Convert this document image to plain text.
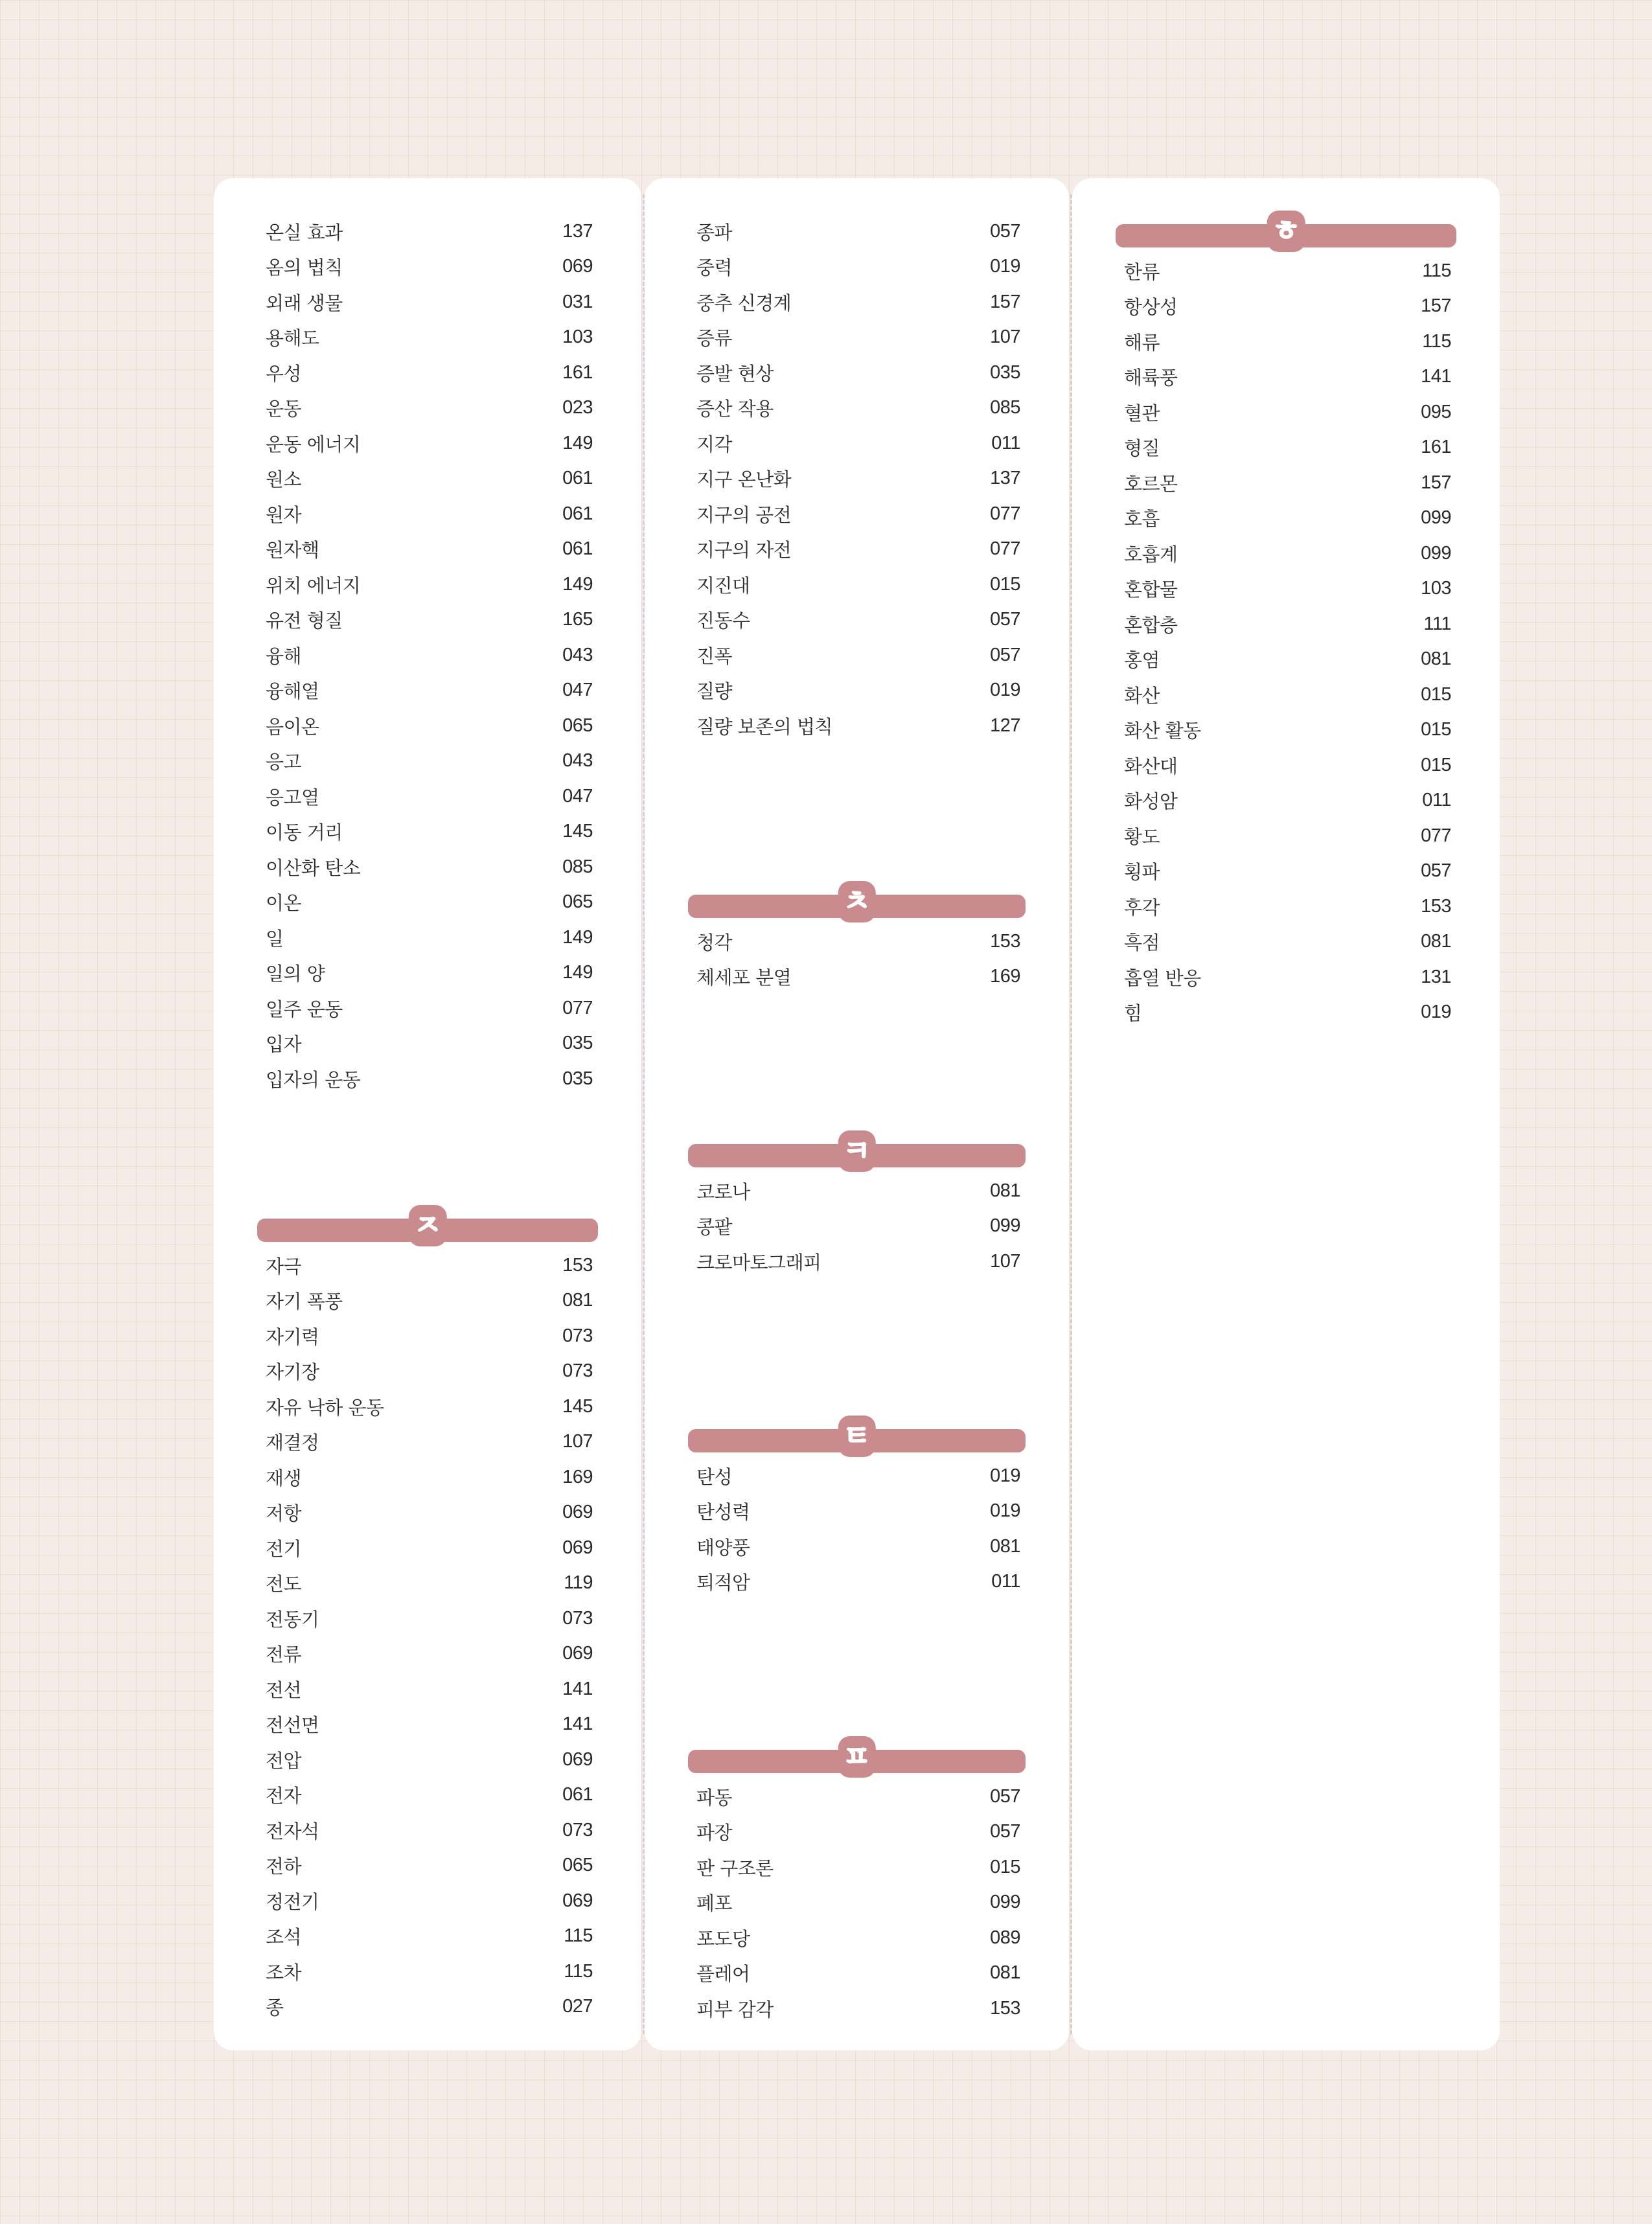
온실 효과	137
옴의 법칙	069
외래 생물	031
용해도	103
우성	161
운동	023
운동 에너지	149
원소	061
원자	061
원자핵	061
위치 에너지	149
유전 형질	165
융해	043
융해열	047
음이온	065
응고	043
응고열	047
이동 거리	145
이산화 탄소	085
이온	065
일	149
일의 양	149
일주 운동	077
입자	035
입자의 운동	035
ㅈ
자극	153
자기 폭풍	081
자기력	073
자기장	073
자유 낙하 운동	145
재결정	107
재생	169
저항	069
전기	069
전도	119
전동기	073
전류	069
전선	141
전선면	141
전압	069
전자	061
전자석	073
전하	065
정전기	069
조석	115
조차	115
종	027
종파	057
중력	019
중추 신경계	157
증류	107
증발 현상	035
증산 작용	085
지각	011
지구 온난화	137
지구의 공전	077
지구의 자전	077
지진대	015
진동수	057
진폭	057
질량	019
질량 보존의 법칙	127
ㅊ
청각	153
체세포 분열	169
ㅋ
코로나	081
콩팥	099
크로마토그래피	107
ㅌ
탄성	019
탄성력	019
태양풍	081
퇴적암	011
ㅍ
파동	057
파장	057
판 구조론	015
폐포	099
포도당	089
플레어	081
피부 감각	153
ㅎ
한류	115
항상성	157
해류	115
해륙풍	141
혈관	095
형질	161
호르몬	157
호흡	099
호흡계	099
혼합물	103
혼합층	111
홍염	081
화산	015
화산 활동	015
화산대	015
화성암	011
황도	077
횡파	057
후각	153
흑점	081
흡열 반응	131
힘	019
